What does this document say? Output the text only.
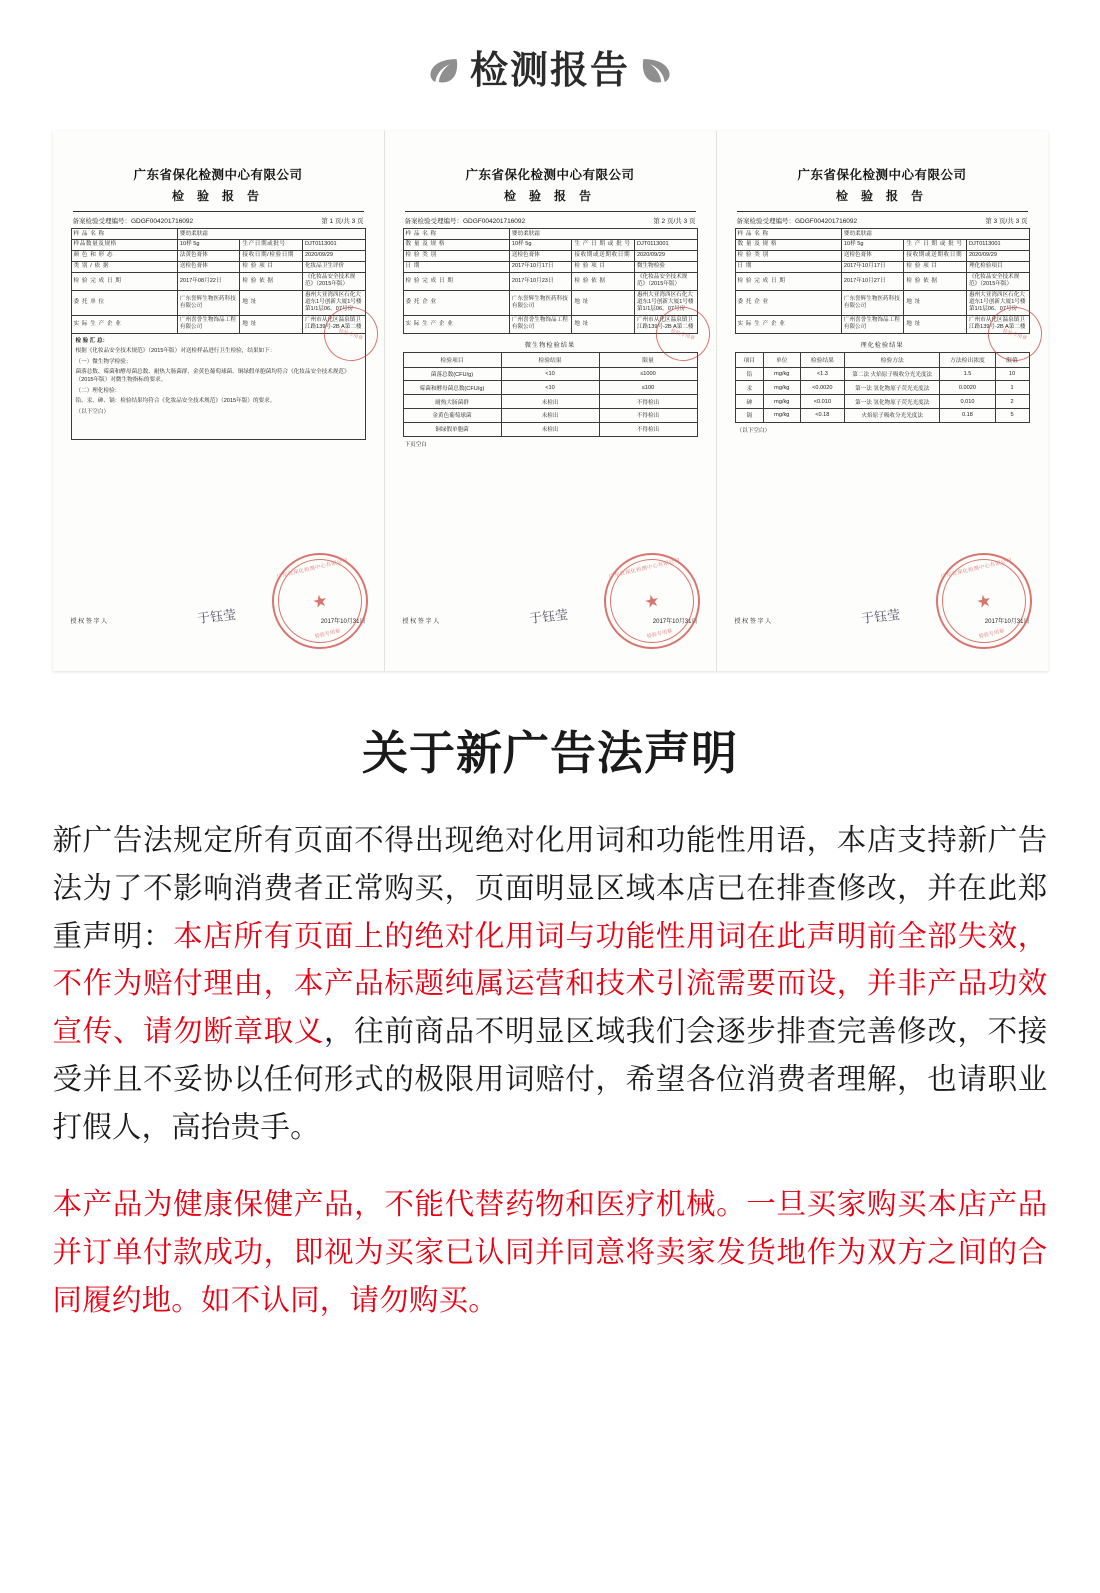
检测报告
广东省保化检测中心有限公司
检 验 报 告
备案检验受理编号：GDGF004201716092	第 1 页/共 3 页
样 品 名 称	婴幼柔肤霜		
样品数量及规格	10样 5g	生产日期或批号	DJT0113001
颜 色 和 形 态	法黄色膏体	接收日期/检验日期	2020/09/29
类 别 / 依 据	送检色膏体	检 验 项 目	化妆品卫生评价
检 验 完 成 日 期	2017年08月22日	检 验 依 据	《化妆品安全技术规范》（2015年版）
委 托 单 位	广东誉辉生物医药科技有限公司	地 址	惠州大亚湾西区石化大道东1号创新大厦1号楼第1/1层06、07号房
实 际 生 产 企 业	广州喜誉生物饰品工程有限公司	地 址	广州市从化区温泉镇卫江路139号-2B A第二楼

检 验 汇 总：

根据《化妆品安全技术规范》（2015年版）对送检样品进行卫生检验，结果如下：

（一）微生物学检验：

菌落总数、霉菌和酵母菌总数、耐热大肠菌群、金黄色葡萄球菌、铜绿假单胞菌均符合《化妆品安全技术规范》（2015年版）对微生物指标的要求。

（二）理化检验：

铅、汞、砷、镉：检验结果均符合《化妆品安全技术规范》（2015年版）的要求。

（以下空白）

授 权 签 字 人	于钰莹	2017年10月31日
检验专用章
★
广东省保化检测中心有限公司
检验专用章
广东省保化检测中心有限公司
检 验 报 告
备案检验受理编号：GDGF004201716092	第 2 页/共 3 页
样 品 名 称	婴幼柔肤霜		
数 量 及 规 格	10样 5g	生 产 日 期 或 批 号	DJT0113001
检 验 类 别	送检色膏体	接收期或送期收日期	2020/09/29
日 期	2017年10月17日	检 验 项 目	微生物检验
检 验 完 成 日 期	2017年10月23日	检 验 依 据	《化妆品安全技术规范》（2015年版）
委 托 企 业	广东誉辉生物医药科技有限公司	地 址	惠州大亚湾西区石化大道东1号创新大厦1号楼第1/1层06、07号房
实 际 生 产 企 业	广州喜誉生物饰品工程有限公司	地 址	广州市从化区温泉镇卫江路139号-2B A第二楼
微生物检验结果
检验项目	检验结果	限量
菌落总数(CFU/g)	<10	≤1000
霉菌和酵母菌总数(CFU/g)	<10	≤100
耐热大肠菌群	未检出	不得检出
金黄色葡萄球菌	未检出	不得检出
铜绿假单胞菌	未检出	不得检出
下页空白
授 权 签 字 人	于钰莹	2017年10月31日
检验专用章
★
广东省保化检测中心有限公司
检验专用章
广东省保化检测中心有限公司
检 验 报 告
备案检验受理编号：GDGF004201716092	第 3 页/共 3 页
样 品 名 称	婴幼柔肤霜		
数 量 及 规 格	10样 5g	生 产 日 期 或 批 号	DJT0113001
检 验 类 别	送检色膏体	接收期或送期收日期	2020/09/29
日 期	2017年10月17日	检 验 项 目	理化检验项目
检 验 完 成 日 期	2017年10月27日	检 验 依 据	《化妆品安全技术规范》（2015年版）
委 托 企 业	广东誉辉生物医药科技有限公司	地 址	惠州大亚湾西区石化大道东1号创新大厦1号楼第1/1层06、07号房
实 际 生 产 企 业	广州喜誉生物饰品工程有限公司	地 址	广州市从化区温泉镇卫江路139号-2B A第二楼
理化检验结果
项目	单位	检验结果	检验方法	方法检出浓度	限值
铅	mg/kg	<1.3	第二法 火焰原子吸收分光光度法	1.5	10
汞	mg/kg	<0.0020	第一法 氢化物原子荧光光度法	0.0020	1
砷	mg/kg	<0.010	第一法 氢化物原子荧光光度法	0.010	2
镉	mg/kg	<0.18	火焰原子吸收分光光度法	0.18	5
（以下空白）
授 权 签 字 人	于钰莹	2017年10月31日
检验专用章
★
广东省保化检测中心有限公司
检验专用章
关于新广告法声明

新广告法规定所有页面不得出现绝对化用词和功能性用语，本店支持新广告法为了不影响消费者正常购买，页面明显区域本店已在排查修改，并在此郑重声明：本店所有页面上的绝对化用词与功能性用词在此声明前全部失效，不作为赔付理由，本产品标题纯属运营和技术引流需要而设，并非产品功效宣传、请勿断章取义，往前商品不明显区域我们会逐步排查完善修改，不接受并且不妥协以任何形式的极限用词赔付，希望各位消费者理解，也请职业打假人，高抬贵手。

本产品为健康保健产品，不能代替药物和医疗机械。一旦买家购买本店产品并订单付款成功，即视为买家已认同并同意将卖家发货地作为双方之间的合同履约地。如不认同，请勿购买。
